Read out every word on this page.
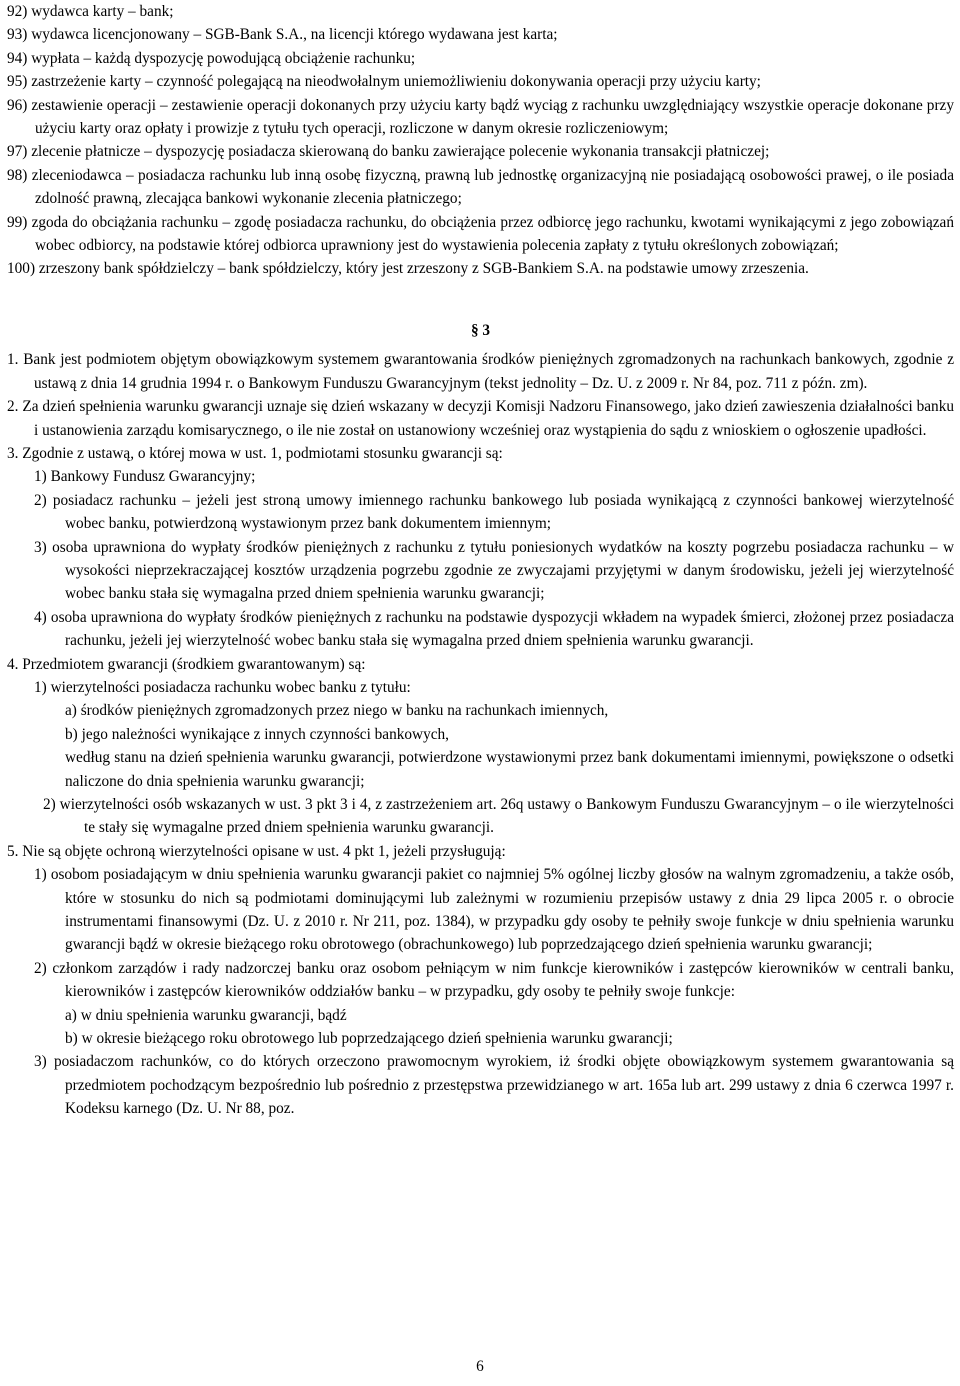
92) wydawca karty – bank;

93) wydawca licencjonowany – SGB-Bank S.A., na licencji którego wydawana jest karta;

94) wypłata – każdą dyspozycję powodującą obciążenie rachunku;

95) zastrzeżenie karty – czynność polegającą na nieodwołalnym uniemożliwieniu dokonywania operacji przy użyciu karty;

96) zestawienie operacji – zestawienie operacji dokonanych przy użyciu karty bądź wyciąg z rachunku uwzględniający wszystkie operacje dokonane przy użyciu karty oraz opłaty i prowizje z tytułu tych operacji, rozliczone w danym okresie rozliczeniowym;

97) zlecenie płatnicze – dyspozycję posiadacza skierowaną do banku zawierające polecenie wykonania transakcji płatniczej;

98) zleceniodawca – posiadacza rachunku lub inną osobę fizyczną, prawną lub jednostkę organizacyjną nie posiadającą osobowości prawej, o ile posiada zdolność prawną, zlecająca bankowi wykonanie zlecenia płatniczego;

99) zgoda do obciążania rachunku – zgodę posiadacza rachunku, do obciążenia przez odbiorcę jego rachunku, kwotami wynikającymi z jego zobowiązań wobec odbiorcy, na podstawie której odbiorca uprawniony jest do wystawienia polecenia zapłaty z tytułu określonych zobowiązań;

100) zrzeszony bank spółdzielczy – bank spółdzielczy, który jest zrzeszony z SGB-Bankiem S.A. na podstawie umowy zrzeszenia.

§ 3

1. Bank jest podmiotem objętym obowiązkowym systemem gwarantowania środków pieniężnych zgromadzonych na rachunkach bankowych, zgodnie z ustawą z dnia 14 grudnia 1994 r. o Bankowym Funduszu Gwarancyjnym (tekst jednolity – Dz. U. z 2009 r. Nr 84, poz. 711 z późn. zm).

2. Za dzień spełnienia warunku gwarancji uznaje się dzień wskazany w decyzji Komisji Nadzoru Finansowego, jako dzień zawieszenia działalności banku i ustanowienia zarządu komisarycznego, o ile nie został on ustanowiony wcześniej oraz wystąpienia do sądu z wnioskiem o ogłoszenie upadłości.

3. Zgodnie z ustawą, o której mowa w ust. 1, podmiotami stosunku gwarancji są:

1) Bankowy Fundusz Gwarancyjny;

2) posiadacz rachunku – jeżeli jest stroną umowy imiennego rachunku bankowego lub posiada wynikającą z czynności bankowej wierzytelność wobec banku, potwierdzoną wystawionym przez bank dokumentem imiennym;

3) osoba uprawniona do wypłaty środków pieniężnych z rachunku z tytułu poniesionych wydatków na koszty pogrzebu posiadacza rachunku – w wysokości nieprzekraczającej kosztów urządzenia pogrzebu zgodnie ze zwyczajami przyjętymi w danym środowisku, jeżeli jej wierzytelność wobec banku stała się wymagalna przed dniem spełnienia warunku gwarancji;

4) osoba uprawniona do wypłaty środków pieniężnych z rachunku na podstawie dyspozycji wkładem na wypadek śmierci, złożonej przez posiadacza rachunku, jeżeli jej wierzytelność wobec banku stała się wymagalna przed dniem spełnienia warunku gwarancji.

4. Przedmiotem gwarancji (środkiem gwarantowanym) są:

1) wierzytelności posiadacza rachunku wobec banku z tytułu:

a) środków pieniężnych zgromadzonych przez niego w banku na rachunkach imiennych,

b) jego należności wynikające z innych czynności bankowych,

według stanu na dzień spełnienia warunku gwarancji, potwierdzone wystawionymi przez bank dokumentami imiennymi, powiększone o odsetki naliczone do dnia spełnienia warunku gwarancji;

2) wierzytelności osób wskazanych w ust. 3 pkt 3 i 4, z zastrzeżeniem art. 26q ustawy o Bankowym Funduszu Gwarancyjnym – o ile wierzytelności te stały się wymagalne przed dniem spełnienia warunku gwarancji.

5. Nie są objęte ochroną wierzytelności opisane w ust. 4 pkt 1, jeżeli przysługują:

1) osobom posiadającym w dniu spełnienia warunku gwarancji pakiet co najmniej 5% ogólnej liczby głosów na walnym zgromadzeniu, a także osób, które w stosunku do nich są podmiotami dominującymi lub zależnymi w rozumieniu przepisów ustawy z dnia 29 lipca 2005 r. o obrocie instrumentami finansowymi (Dz. U. z 2010 r. Nr 211, poz. 1384), w przypadku gdy osoby te pełniły swoje funkcje w dniu spełnienia warunku gwarancji bądź w okresie bieżącego roku obrotowego (obrachunkowego) lub poprzedzającego dzień spełnienia warunku gwarancji;

2) członkom zarządów i rady nadzorczej banku oraz osobom pełniącym w nim funkcje kierowników i zastępców kierowników w centrali banku, kierowników i zastępców kierowników oddziałów banku – w przypadku, gdy osoby te pełniły swoje funkcje:

a) w dniu spełnienia warunku gwarancji, bądź

b) w okresie bieżącego roku obrotowego lub poprzedzającego dzień spełnienia warunku gwarancji;

3) posiadaczom rachunków, co do których orzeczono prawomocnym wyrokiem, iż środki objęte obowiązkowym systemem gwarantowania są przedmiotem pochodzącym bezpośrednio lub pośrednio z przestępstwa przewidzianego w art. 165a lub art. 299 ustawy z dnia 6 czerwca 1997 r. Kodeksu karnego (Dz. U. Nr 88, poz.

6
